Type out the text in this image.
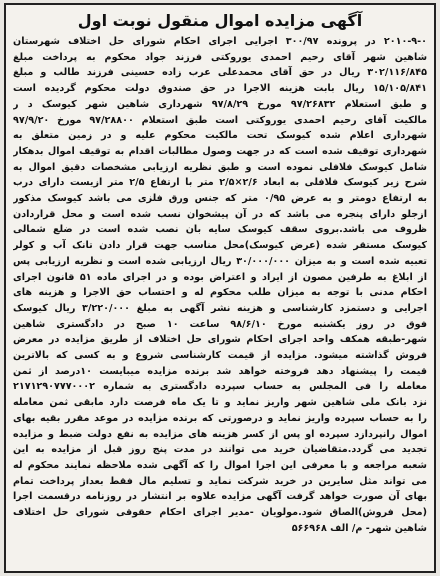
آگهی مزایده اموال منقول نوبت اول
۲۰۱۰-۹-۰ در پرونده ۳۰۰/۹۷ اجرایی اجرای احکام شورای حل اختلاف شهرستان
شاهین شهر آقای رحیم احمدی یوروکتی فرزند جواد محکوم به پرداخت مبلغ
۳۰۲/۱۱۶/۸۴۵ ریال در حق آقای محمدعلی عرب زاده حسینی فرزند طالب و مبلغ
۱۵/۱۰۵/۸۴۱ ریال بابت هزینه الاجرا در حق صندوق دولت محکوم گردیده است
و طبق استعلام ۹۷/۲۶۸۳۲ مورخ ۹۷/۸/۲۹ شهرداری شاهین شهر کیوسک د ر
مالکیت آقای رحیم احمدی یوروکتی است طبق استعلام ۹۷/۲۸۸۰۰ مورخ ۹۷/۹/۲۰
شهرداری اعلام شده کیوسک تحت مالکیت محکوم علیه و در زمین متعلق به
شهرداری توقیف شده است که در جهت وصول مطالبات اقدام به توقیف اموال بدهکار
شامل کیوسک فلافلی نموده است و طبق نظریه ارزیابی مشخصات دقیق اموال به
شرح زیر کیوسک فلافلی به ابعاد ۲/۶×۲/۵ متر با ارتفاع ۲/۵ متر ازیست دارای درب
به ارتفاع دومتر و به عرض ۰/۹۵ متر که جنس ورق فلزی می باشد کیوسک مذکور
ازجلو دارای پنجره می باشد که در آن پیشخوان نسب شده است و محل قراردادن
ظروف می باشد.بروی سقف کیوسک سایه بان نصب شده است در ضلع شمالی
کیوسک مستقر شده (عرض کیوسک)محل مناسب جهت قرار دادن تانک آب و کولر
تعبیه شده است و به میزان ۳۰/۰۰۰/۰۰۰ ریال ارزیابی شده است و نظریه ارزیابی پس
از ابلاغ به طرفین مصون از ایراد و اعتراض بوده و در اجرای ماده ۵۱ قانون اجرای
احکام مدنی با توجه به میزان طلب محکوم له و احتساب حق الاجرا و هزینه های
اجرایی و دستمزد کارشناسی و هزینه نشر آگهی به مبلغ ۳/۲۲۰/۰۰۰ ریال کیوسک
فوق در روز یکشنبه مورخ ۹۸/۶/۱۰ ساعت ۱۰ صبح در دادگستری شاهین
شهر-طبقه همکف واحد اجرای احکام شورای حل اختلاف از طریق مزایده در معرض
فروش گذاشته میشود. مزایده از قیمت کارشناسی شروع و به کسی که بالاترین
قیمت را پیشنهاد دهد فروخته خواهد شد برنده مزایده میبایست ۱۰درصد از ثمن
معامله را فی المجلس به حساب سپرده دادگستری به شماره ۲۱۷۱۲۹۰۷۷۷۰۰۰۲
نزد بانک ملی شاهین شهر واریز نماید و تا یک ماه فرصت دارد مابقی ثمن معامله
را به حساب سپرده واریز نماید و درصورتی که برنده مزایده در موعد مقرر بقیه بهای
اموال رانپردازد سپرده او پس از کسر هزینه های مزایده به نفع دولت ضبط و مزایده
تجدید می گردد.متقاضیان خرید می توانند در مدت پنج روز قبل از مزایده به این
شعبه مراجعه و با معرفی این اجرا اموال را که آگهی شده ملاحظه نمایند محکوم له
می تواند مثل سایرین در خرید شرکت نماید و تسلیم مال فقط بعداز پرداخت تمام
بهای آن صورت خواهد گرفت آگهی مزایده علاوه بر انتشار در روزنامه درقسمت اجرا
(محل فروش)الصاق شود.مولویان -مدیر اجرای احکام حقوقی شورای حل اختلاف
شاهین شهر- م/ الف ۵۶۶۹۶۸
